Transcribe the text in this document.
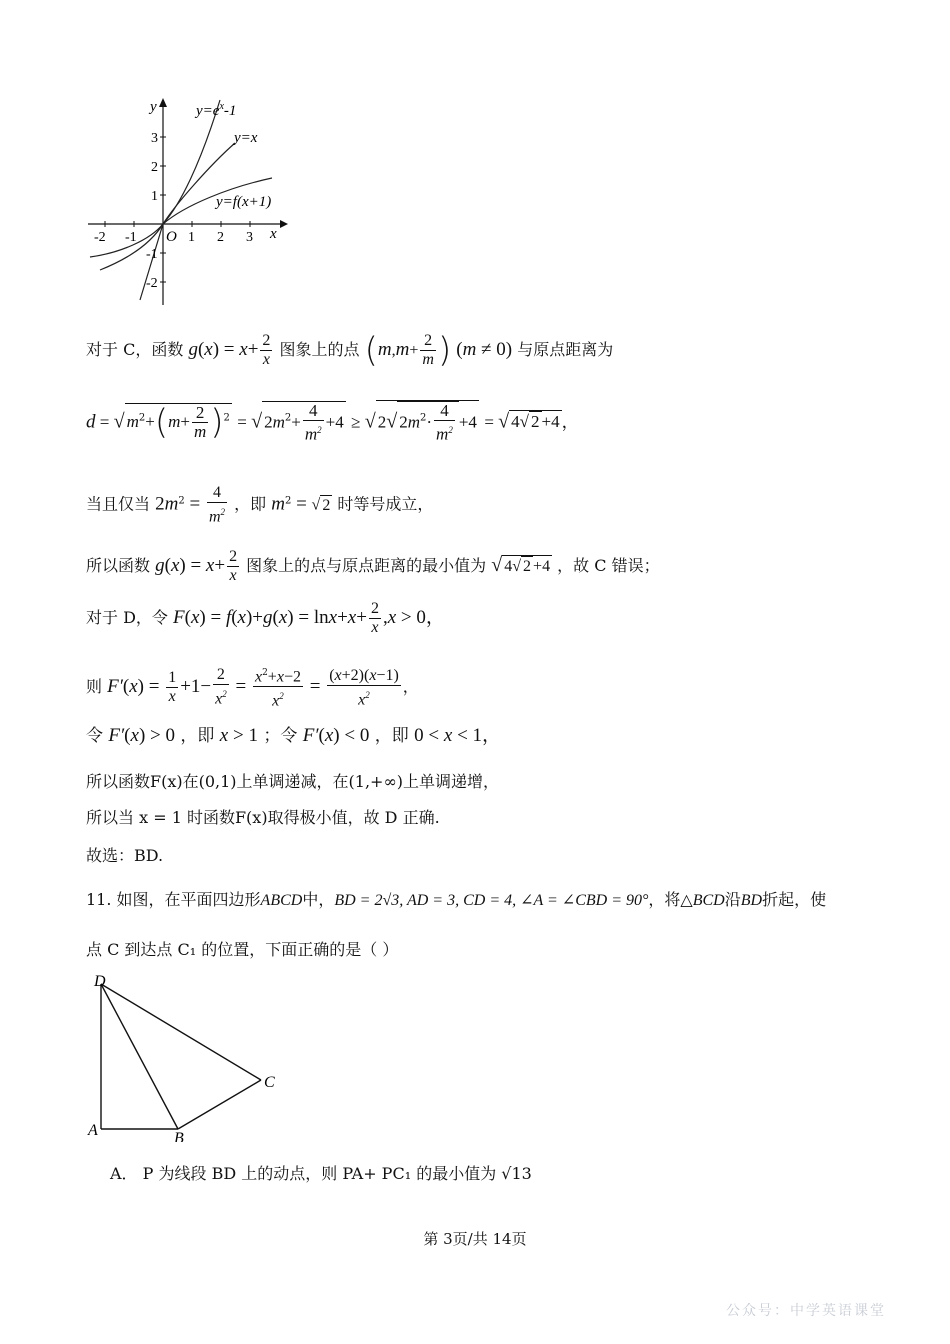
$y=e^x-1$
y=x
y=f(x+1)
y
x
O
-2 -1	1 2 3
3
2
1
-1
-2
对于 C，函数 $g(x) = x+ \frac{2}{x}$ 图象上的点 ($m,m+ \frac{2}{m}$ ) (m ≠ 0) 与原点距离为
d = √ $m^2+(m+ \frac{2}{m} )^2$ = √ $2m^2+ \frac{4}{m^2} +4$ ≥ √ 2√ $2m^2\cdot \frac{4}{m^2} +4$ = √ 4√ 2 +4 ，
当且仅当 $2m^2 = \frac{4}{m^2}$ ，即 $m^2$ = √ 2 时等号成立，
所以函数 $g(x) = x+ \frac{2}{x}$ 图象上的点与原点距离的最小值为 √ 4√ 2 +4 ，故 C 错误；
对于 D，令 $F(x) = f(x)+g(x) = \ln x+x+ \frac{2}{x} ,x > 0$，
则 $F'(x) = \frac{1}{x} +1- \frac{2}{x^2} = \frac{x^2+x-2}{x^2} = \frac{(x+2)(x-1)}{x^2}$ ，
令 F′(x) > 0 ，即 x > 1 ；令 F′(x) < 0 ，即 0 < x < 1，
所以函数F(x)在(0,1)上单调递减，在(1,+∞)上单调递增，
所以当 x = 1 时函数F(x)取得极小值，故 D 正确.
故选：BD.
11. 如图，在平面四边形ABCD中，BD = 2√3, AD = 3, CD = 4, ∠A = ∠CBD = 90°，将△BCD沿BD折起，使
点 C 到达点 C₁ 的位置，下面正确的是（ ）
D
C
A	B
A． P 为线段 BD 上的动点，则 PA+ PC₁ 的最小值为 √13
第 3页/共 14页
公众号：中学英语课堂
